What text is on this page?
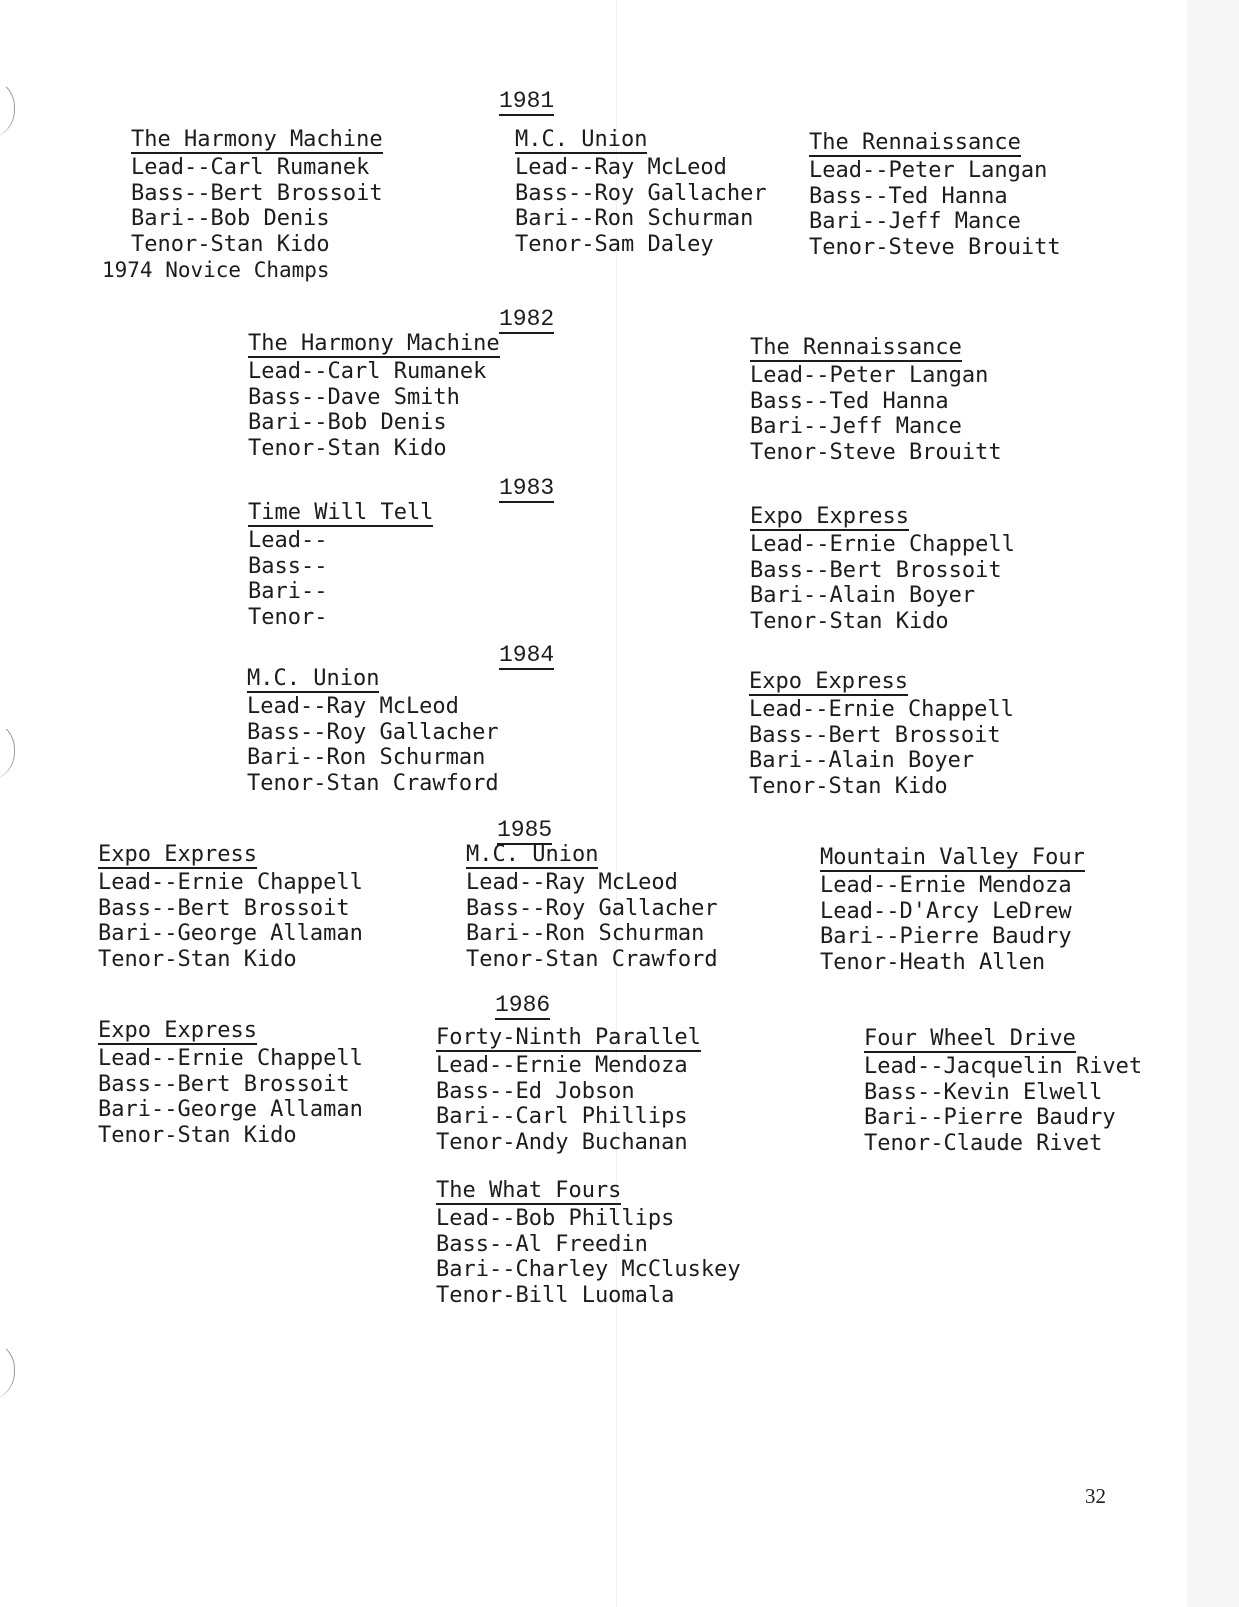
1981
The Harmony Machine
Lead--Carl Rumanek
Bass--Bert Brossoit
Bari--Bob Denis
Tenor-Stan Kido
1974 Novice Champs
M.C. Union
Lead--Ray McLeod
Bass--Roy Gallacher
Bari--Ron Schurman
Tenor-Sam Daley
The Rennaissance
Lead--Peter Langan
Bass--Ted Hanna
Bari--Jeff Mance
Tenor-Steve Brouitt
1982
The Harmony Machine
Lead--Carl Rumanek
Bass--Dave Smith
Bari--Bob Denis
Tenor-Stan Kido
The Rennaissance
Lead--Peter Langan
Bass--Ted Hanna
Bari--Jeff Mance
Tenor-Steve Brouitt
1983
Time Will Tell
Lead--
Bass--
Bari--
Tenor-
Expo Express
Lead--Ernie Chappell
Bass--Bert Brossoit
Bari--Alain Boyer
Tenor-Stan Kido
1984
M.C. Union
Lead--Ray McLeod
Bass--Roy Gallacher
Bari--Ron Schurman
Tenor-Stan Crawford
Expo Express
Lead--Ernie Chappell
Bass--Bert Brossoit
Bari--Alain Boyer
Tenor-Stan Kido
1985
Expo Express
Lead--Ernie Chappell
Bass--Bert Brossoit
Bari--George Allaman
Tenor-Stan Kido
M.C. Union
Lead--Ray McLeod
Bass--Roy Gallacher
Bari--Ron Schurman
Tenor-Stan Crawford
Mountain Valley Four
Lead--Ernie Mendoza
Lead--D'Arcy LeDrew
Bari--Pierre Baudry
Tenor-Heath Allen
1986
Expo Express
Lead--Ernie Chappell
Bass--Bert Brossoit
Bari--George Allaman
Tenor-Stan Kido
Forty-Ninth Parallel
Lead--Ernie Mendoza
Bass--Ed Jobson
Bari--Carl Phillips
Tenor-Andy Buchanan
Four Wheel Drive
Lead--Jacquelin Rivet
Bass--Kevin Elwell
Bari--Pierre Baudry
Tenor-Claude Rivet
The What Fours
Lead--Bob Phillips
Bass--Al Freedin
Bari--Charley McCluskey
Tenor-Bill Luomala
32
